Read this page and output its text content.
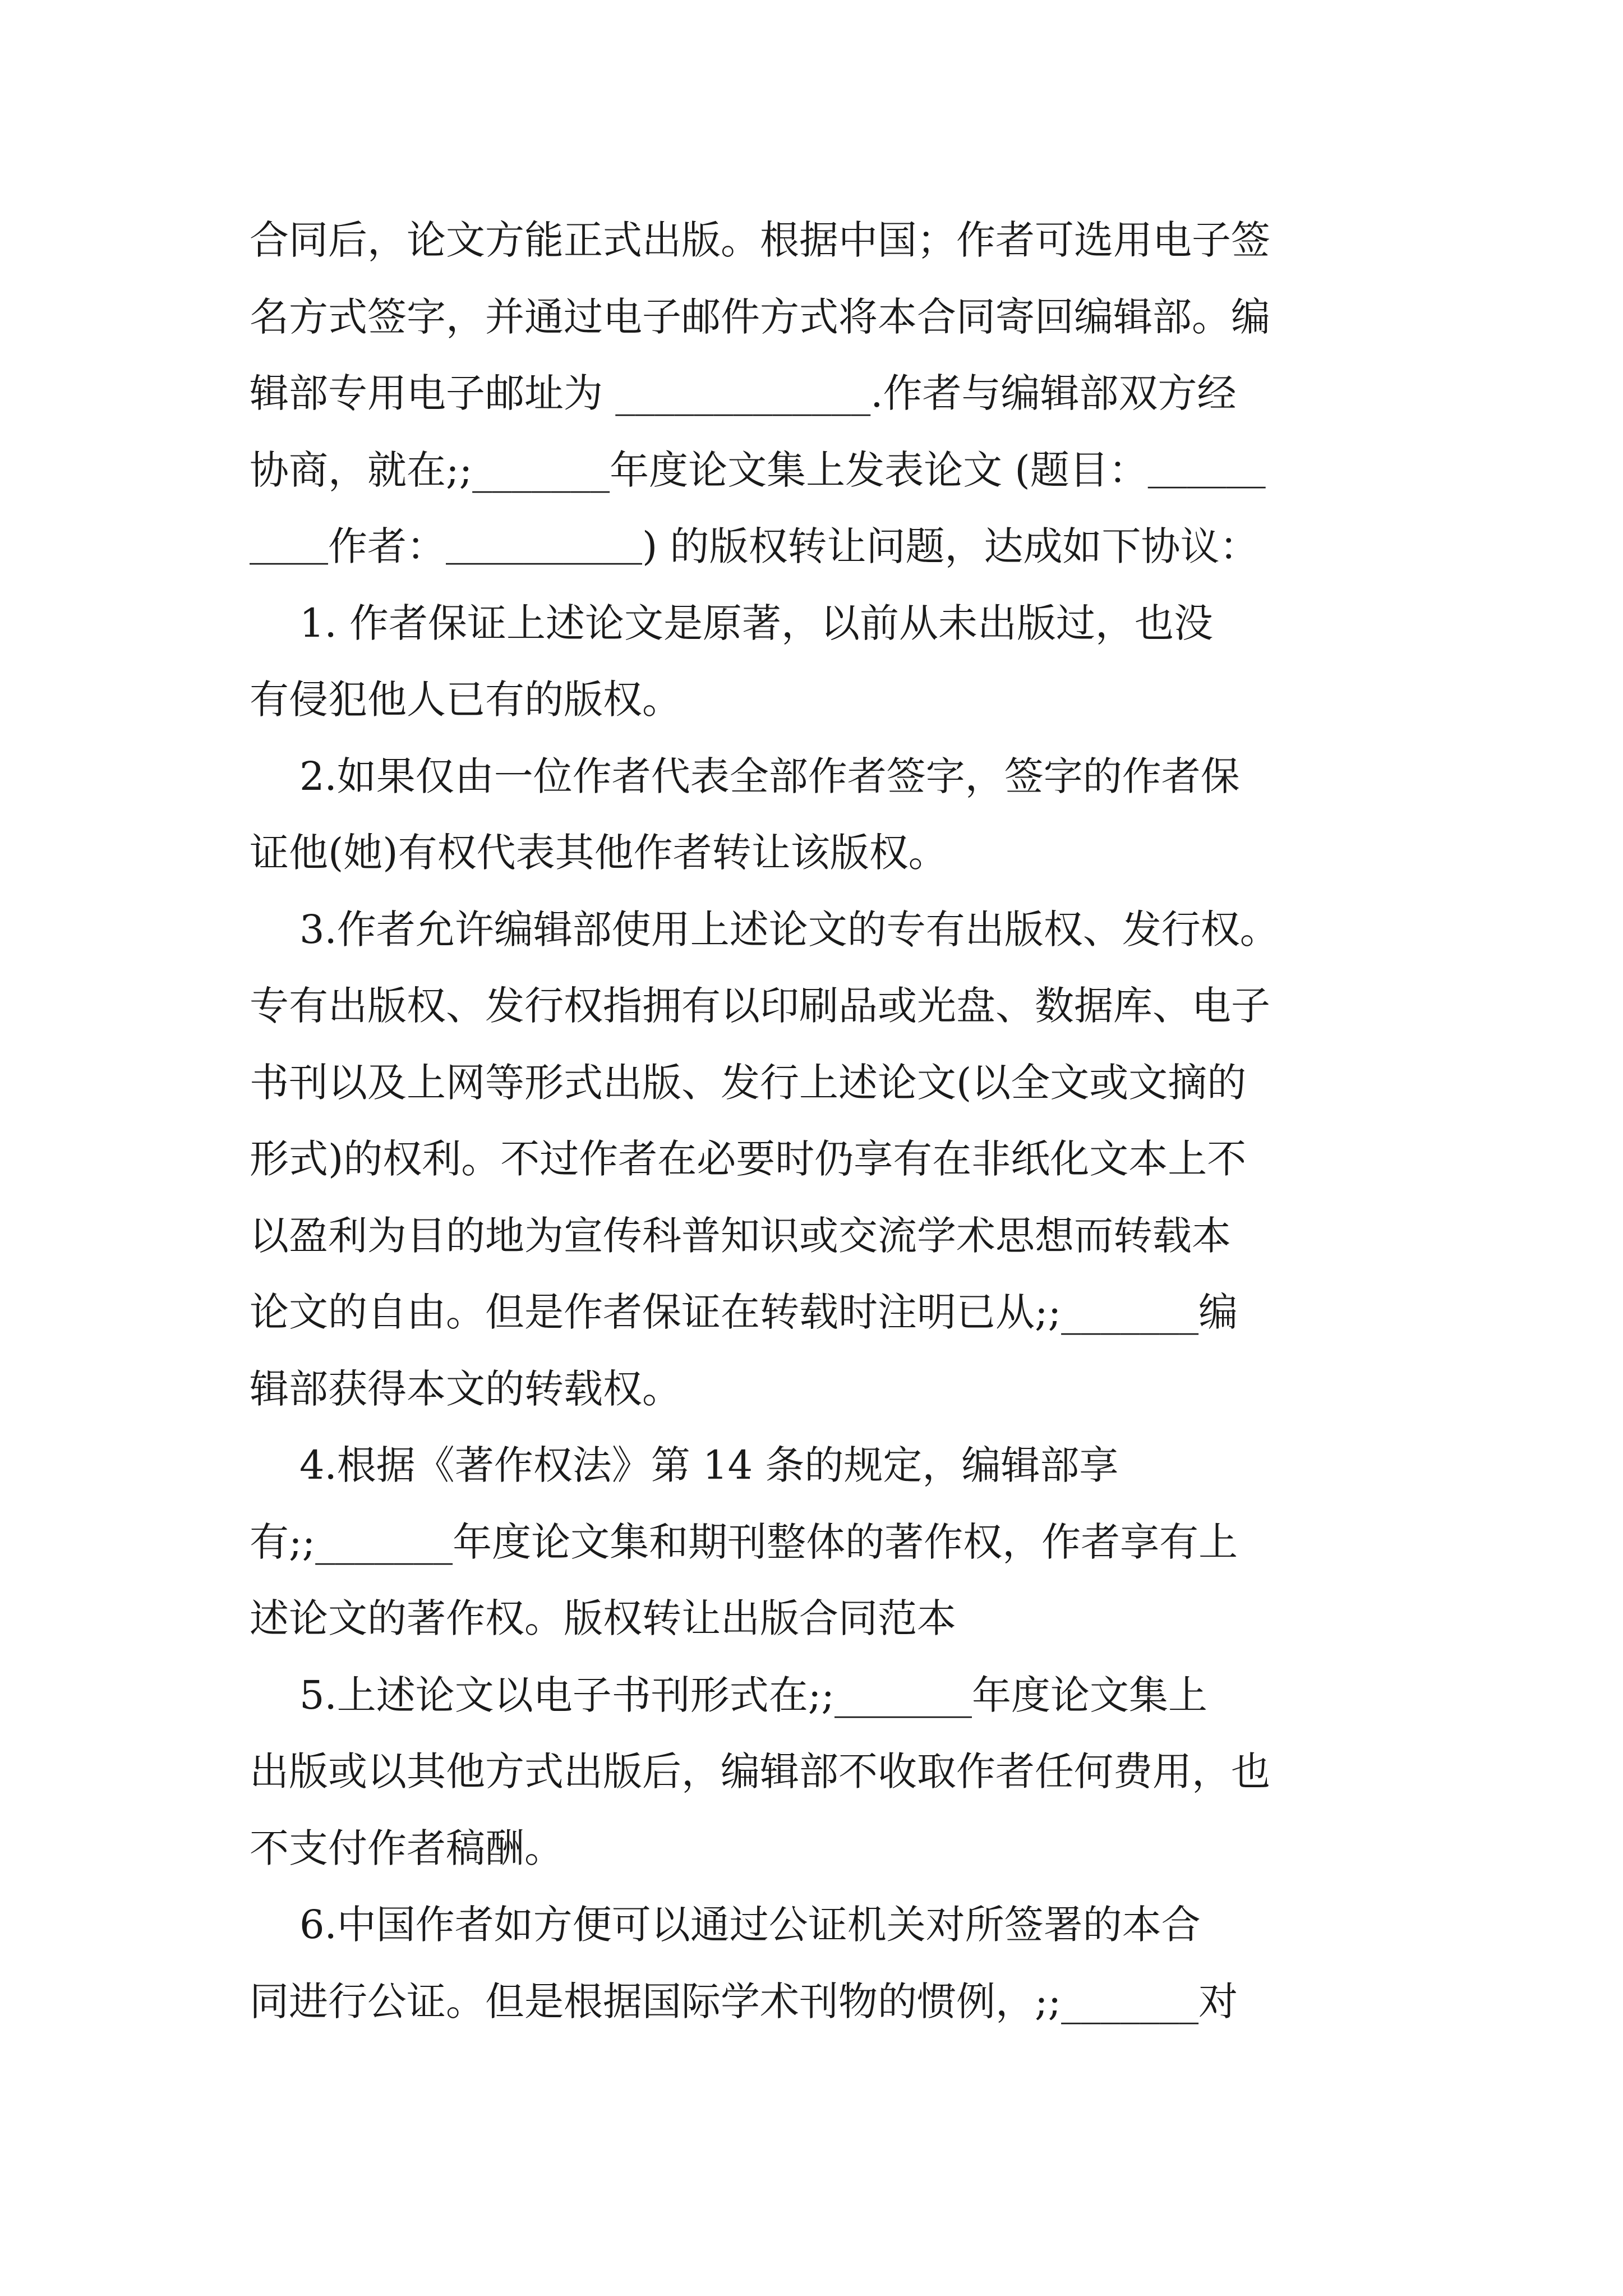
合同后，论文方能正式出版。根据中国；作者可选用电子签
名方式签字，并通过电子邮件方式将本合同寄回编辑部。编
辑部专用电子邮址为 _____________.作者与编辑部双方经
协商，就在;;_______年度论文集上发表论文 (题目：＿＿＿
＿＿作者：＿＿＿＿＿) 的版权转让问题，达成如下协议：
1. 作者保证上述论文是原著，以前从未出版过，也没
有侵犯他人已有的版权。
2.如果仅由一位作者代表全部作者签字，签字的作者保
证他(她)有权代表其他作者转让该版权。
3.作者允许编辑部使用上述论文的专有出版权、发行权。
专有出版权、发行权指拥有以印刷品或光盘、数据库、电子
书刊以及上网等形式出版、发行上述论文(以全文或文摘的
形式)的权利。不过作者在必要时仍享有在非纸化文本上不
以盈利为目的地为宣传科普知识或交流学术思想而转载本
论文的自由。但是作者保证在转载时注明已从;;_______编
辑部获得本文的转载权。
4.根据《著作权法》第 14 条的规定，编辑部享
有;;_______年度论文集和期刊整体的著作权，作者享有上
述论文的著作权。版权转让出版合同范本
5.上述论文以电子书刊形式在;;_______年度论文集上
出版或以其他方式出版后，编辑部不收取作者任何费用，也
不支付作者稿酬。
6.中国作者如方便可以通过公证机关对所签署的本合
同进行公证。但是根据国际学术刊物的惯例，;;_______对
